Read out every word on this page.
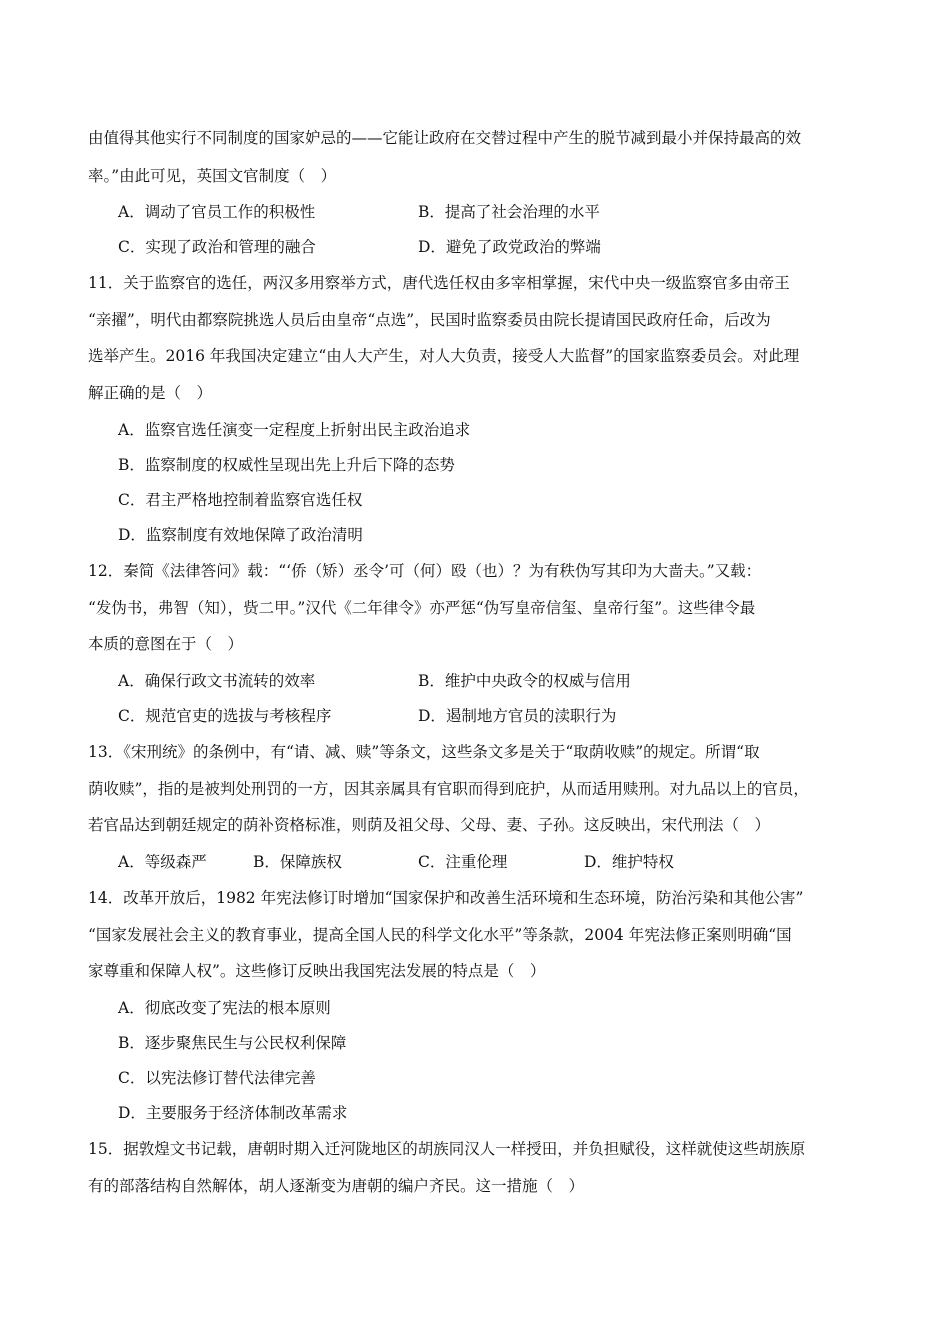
由值得其他实行不同制度的国家妒忌的——它能让政府在交替过程中产生的脱节减到最小并保持最高的效
率。”由此可见，英国文官制度（　）
A．调动了官员工作的积极性	B．提高了社会治理的水平
C．实现了政治和管理的融合	D．避免了政党政治的弊端
11．关于监察官的选任，两汉多用察举方式，唐代选任权由多宰相掌握，宋代中央一级监察官多由帝王
“亲擢”，明代由都察院挑选人员后由皇帝“点选”，民国时监察委员由院长提请国民政府任命，后改为
选举产生。2016 年我国决定建立“由人大产生，对人大负责，接受人大监督”的国家监察委员会。对此理
解正确的是（　）
A．监察官选任演变一定程度上折射出民主政治追求
B．监察制度的权威性呈现出先上升后下降的态势
C．君主严格地控制着监察官选任权
D．监察制度有效地保障了政治清明
12．秦简《法律答问》载：“‘侨（矫）丞令’可（何）殴（也）？为有秩伪写其印为大啬夫。”又载：
“发伪书，弗智（知），赀二甲。”汉代《二年律令》亦严惩“伪写皇帝信玺、皇帝行玺”。这些律令最
本质的意图在于（　）
A．确保行政文书流转的效率	B．维护中央政令的权威与信用
C．规范官吏的选拔与考核程序	D．遏制地方官员的渎职行为
13．《宋刑统》的条例中，有“请、减、赎”等条文，这些条文多是关于“取荫收赎”的规定。所谓“取
荫收赎”，指的是被判处刑罚的一方，因其亲属具有官职而得到庇护，从而适用赎刑。对九品以上的官员，
若官品达到朝廷规定的荫补资格标准，则荫及祖父母、父母、妻、子孙。这反映出，宋代刑法（　）
A．等级森严	B．保障族权	C．注重伦理	D．维护特权
14．改革开放后，1982 年宪法修订时增加“国家保护和改善生活环境和生态环境，防治污染和其他公害”
“国家发展社会主义的教育事业，提高全国人民的科学文化水平”等条款，2004 年宪法修正案则明确“国
家尊重和保障人权”。这些修订反映出我国宪法发展的特点是（　）
A．彻底改变了宪法的根本原则
B．逐步聚焦民生与公民权利保障
C．以宪法修订替代法律完善
D．主要服务于经济体制改革需求
15．据敦煌文书记载，唐朝时期入迁河陇地区的胡族同汉人一样授田，并负担赋役，这样就使这些胡族原
有的部落结构自然解体，胡人逐渐变为唐朝的编户齐民。这一措施（　）
